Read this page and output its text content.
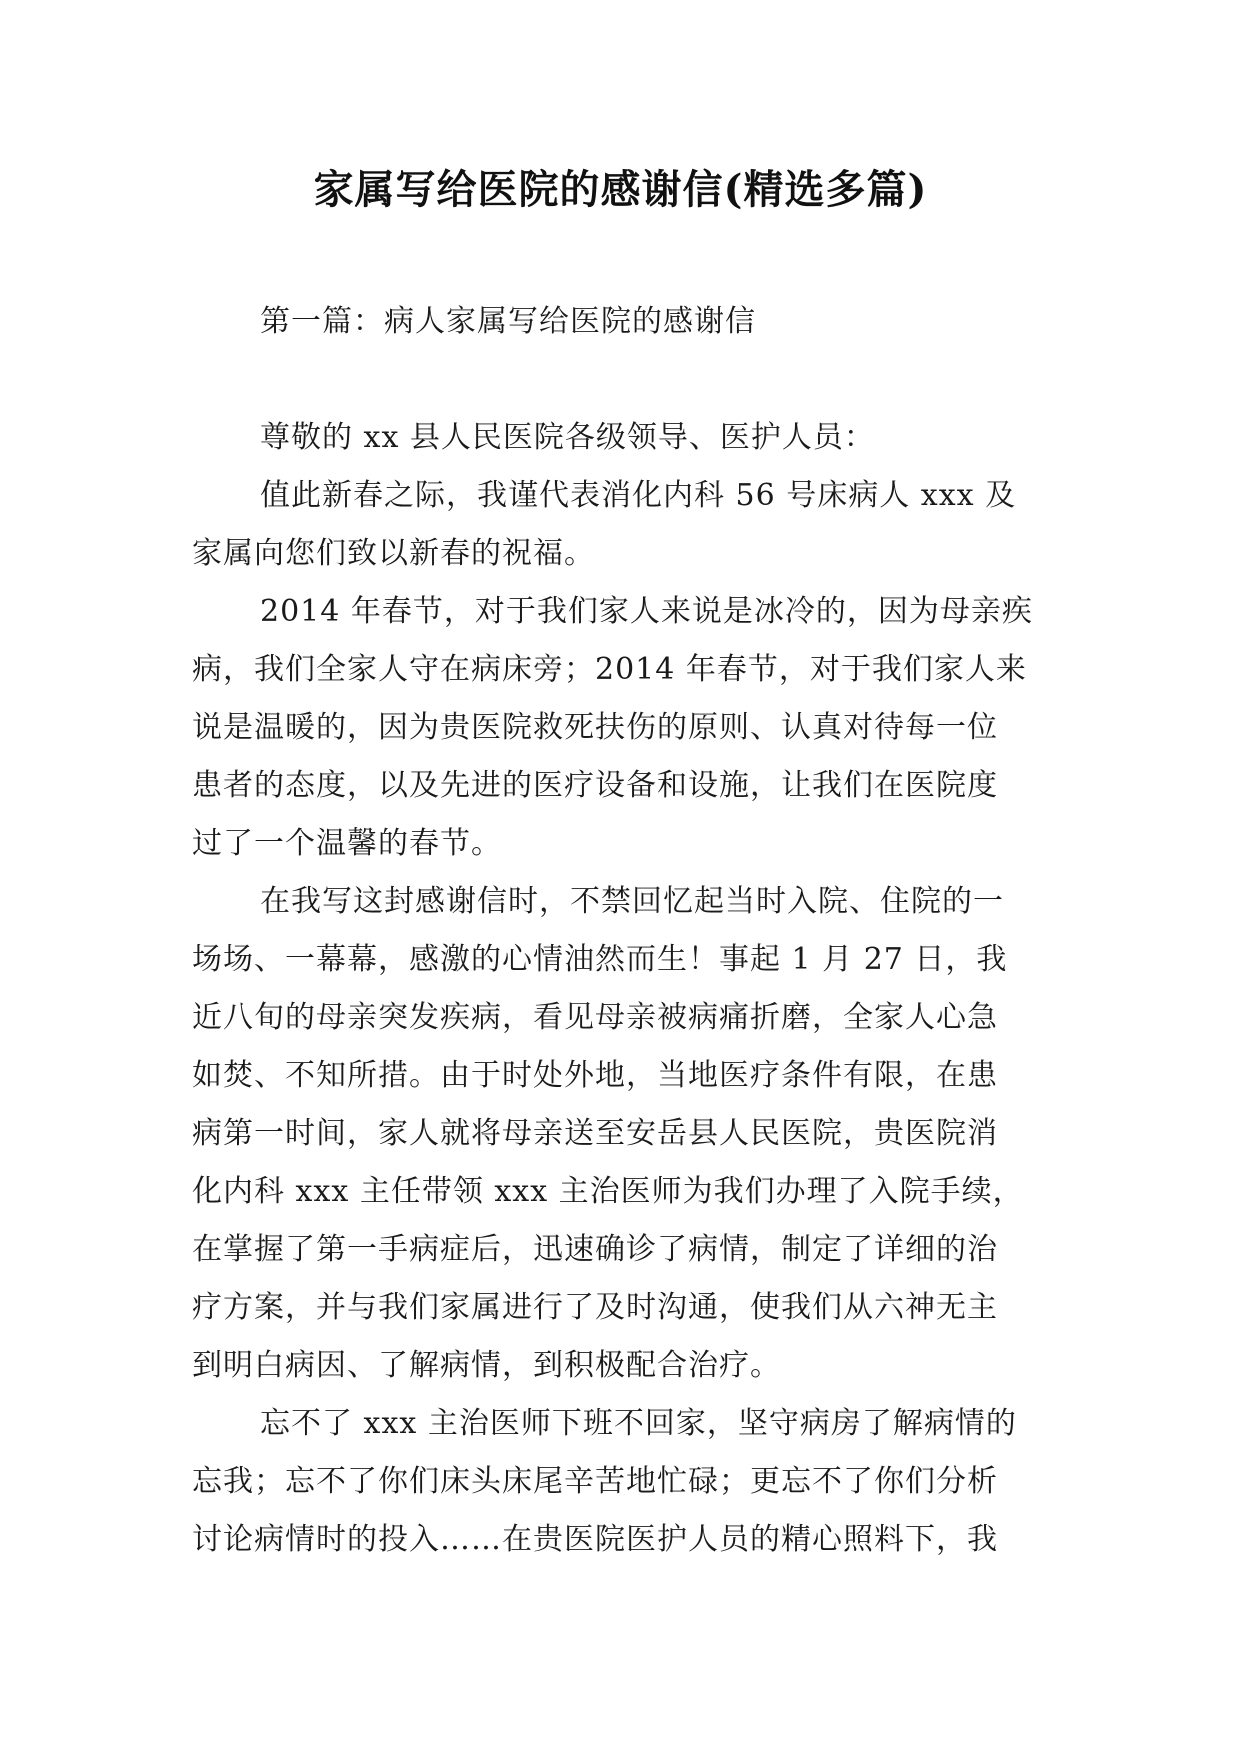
家属写给医院的感谢信(精选多篇)
第一篇：病人家属写给医院的感谢信
尊敬的 xx 县人民医院各级领导、医护人员：
值此新春之际，我谨代表消化内科 56 号床病人 xxx 及
家属向您们致以新春的祝福。
2014 年春节，对于我们家人来说是冰冷的，因为母亲疾
病，我们全家人守在病床旁；2014 年春节，对于我们家人来
说是温暖的，因为贵医院救死扶伤的原则、认真对待每一位
患者的态度，以及先进的医疗设备和设施，让我们在医院度
过了一个温馨的春节。
在我写这封感谢信时，不禁回忆起当时入院、住院的一
场场、一幕幕，感激的心情油然而生！事起 1 月 27 日，我
近八旬的母亲突发疾病，看见母亲被病痛折磨，全家人心急
如焚、不知所措。由于时处外地，当地医疗条件有限，在患
病第一时间，家人就将母亲送至安岳县人民医院，贵医院消
化内科 xxx 主任带领 xxx 主治医师为我们办理了入院手续，
在掌握了第一手病症后，迅速确诊了病情，制定了详细的治
疗方案，并与我们家属进行了及时沟通，使我们从六神无主
到明白病因、了解病情，到积极配合治疗。
忘不了 xxx 主治医师下班不回家，坚守病房了解病情的
忘我；忘不了你们床头床尾辛苦地忙碌；更忘不了你们分析
讨论病情时的投入……在贵医院医护人员的精心照料下，我
